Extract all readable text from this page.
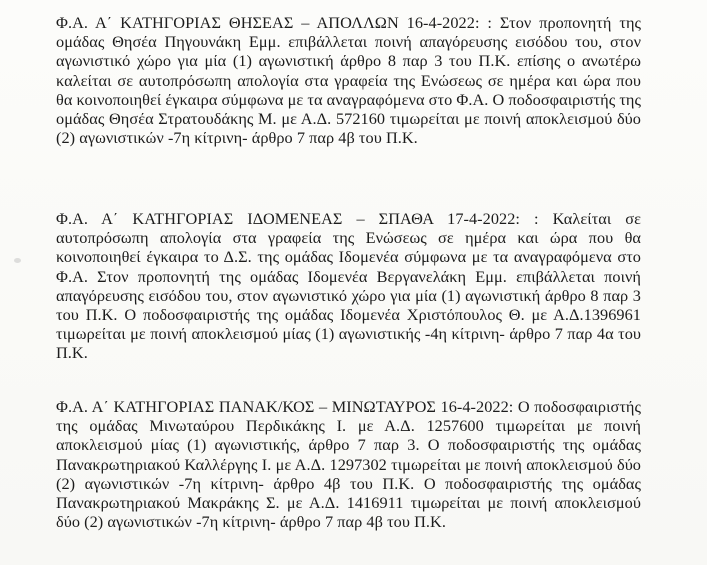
Φ.Α. Α΄ ΚΑΤΗΓΟΡΙΑΣ ΘΗΣΕΑΣ – ΑΠΟΛΛΩΝ 16-4-2022: : Στον προπονητή της ομάδας Θησέα Πηγουνάκη Εμμ. επιβάλλεται ποινή απαγόρευσης εισόδου του, στον αγωνιστικό χώρο για μία (1) αγωνιστική άρθρο 8 παρ 3 του Π.Κ. επίσης ο ανωτέρω καλείται σε αυτοπρόσωπη απολογία στα γραφεία της Ενώσεως σε ημέρα και ώρα που θα κοινοποιηθεί έγκαιρα σύμφωνα με τα αναγραφόμενα στο Φ.Α. Ο ποδοσφαιριστής της ομάδας Θησέα Στρατουδάκης Μ. με Α.Δ. 572160 τιμωρείται με ποινή αποκλεισμού δύο (2) αγωνιστικών -7η κίτρινη- άρθρο 7 παρ 4β του Π.Κ.

Φ.Α. Α΄ ΚΑΤΗΓΟΡΙΑΣ ΙΔΟΜΕΝΕΑΣ – ΣΠΑΘΑ 17-4-2022: : Καλείται σε αυτοπρόσωπη απολογία στα γραφεία της Ενώσεως σε ημέρα και ώρα που θα κοινοποιηθεί έγκαιρα το Δ.Σ. της ομάδας Ιδομενέα σύμφωνα με τα αναγραφόμενα στο Φ.Α. Στον προπονητή της ομάδας Ιδομενέα Βεργανελάκη Εμμ. επιβάλλεται ποινή απαγόρευσης εισόδου του, στον αγωνιστικό χώρο για μία (1) αγωνιστική άρθρο 8 παρ 3 του Π.Κ. Ο ποδοσφαιριστής της ομάδας Ιδομενέα Χριστόπουλος Θ. με Α.Δ.1396961 τιμωρείται με ποινή αποκλεισμού μίας (1) αγωνιστικής -4η κίτρινη- άρθρο 7 παρ 4α του Π.Κ.

Φ.Α. Α΄ ΚΑΤΗΓΟΡΙΑΣ ΠΑΝΑΚ/ΚΟΣ – ΜΙΝΩΤΑΥΡΟΣ 16-4-2022: Ο ποδοσφαιριστής της ομάδας Μινωταύρου Περδικάκης Ι. με Α.Δ. 1257600 τιμωρείται με ποινή αποκλεισμού μίας (1) αγωνιστικής, άρθρο 7 παρ 3. Ο ποδοσφαιριστής της ομάδας Πανακρωτηριακού Καλλέργης Ι. με Α.Δ. 1297302 τιμωρείται με ποινή αποκλεισμού δύο (2) αγωνιστικών -7η κίτρινη- άρθρο 4β του Π.Κ. Ο ποδοσφαιριστής της ομάδας Πανακρωτηριακού Μακράκης Σ. με Α.Δ. 1416911 τιμωρείται με ποινή αποκλεισμού δύο (2) αγωνιστικών -7η κίτρινη- άρθρο 7 παρ 4β του Π.Κ.
